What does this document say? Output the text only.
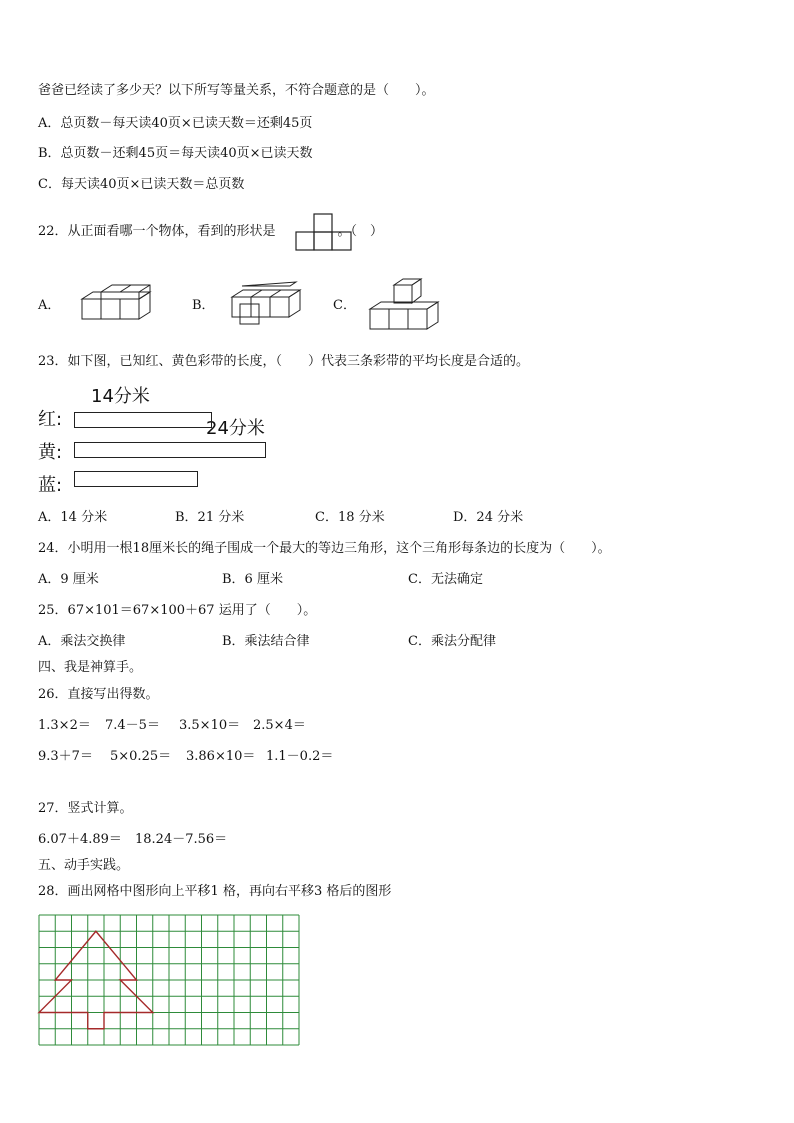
爸爸已经读了多少天？以下所写等量关系，不符合题意的是（　　）。
A．总页数－每天读40页×已读天数＝还剩45页
B．总页数－还剩45页＝每天读40页×已读天数
C．每天读40页×已读天数＝总页数
22．从正面看哪一个物体，看到的形状是	。（　）
A．	B．	C．
23．如下图，已知红、黄色彩带的长度，（　　）代表三条彩带的平均长度是合适的。
14分米
24分米
红:
黄:
蓝:
A．14 分米	B．21 分米	C．18 分米	D．24 分米
24．小明用一根18厘米长的绳子围成一个最大的等边三角形，这个三角形每条边的长度为（　　）。
A．9 厘米	B．6 厘米	C．无法确定
25．67×101＝67×100＋67 运用了（　　）。
A．乘法交换律	B．乘法结合律	C．乘法分配律
四、我是神算手。
26．直接写出得数。
1.3×2＝ 7.4－5＝ 3.5×10＝ 2.5×4＝
9.3＋7＝ 5×0.25＝ 3.86×10＝ 1.1－0.2＝
27．竖式计算。
6.07＋4.89＝ 18.24－7.56＝
五、动手实践。
28．画出网格中图形向上平移1 格，再向右平移3 格后的图形
